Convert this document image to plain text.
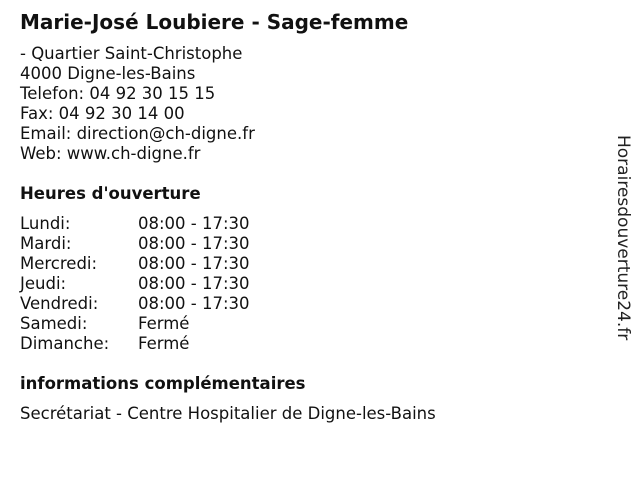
Marie-José Loubiere - Sage-femme
- Quartier Saint-Christophe
4000 Digne-les-Bains
Telefon: 04 92 30 15 15
Fax: 04 92 30 14 00
Email: direction@ch-digne.fr
Web: www.ch-digne.fr
Heures d'ouverture
Lundi:	08:00 - 17:30
Mardi:	08:00 - 17:30
Mercredi:	08:00 - 17:30
Jeudi:	08:00 - 17:30
Vendredi:	08:00 - 17:30
Samedi:	Fermé
Dimanche:	Fermé
informations complémentaires
Secrétariat - Centre Hospitalier de Digne-les-Bains
Horairesdouverture24.fr
